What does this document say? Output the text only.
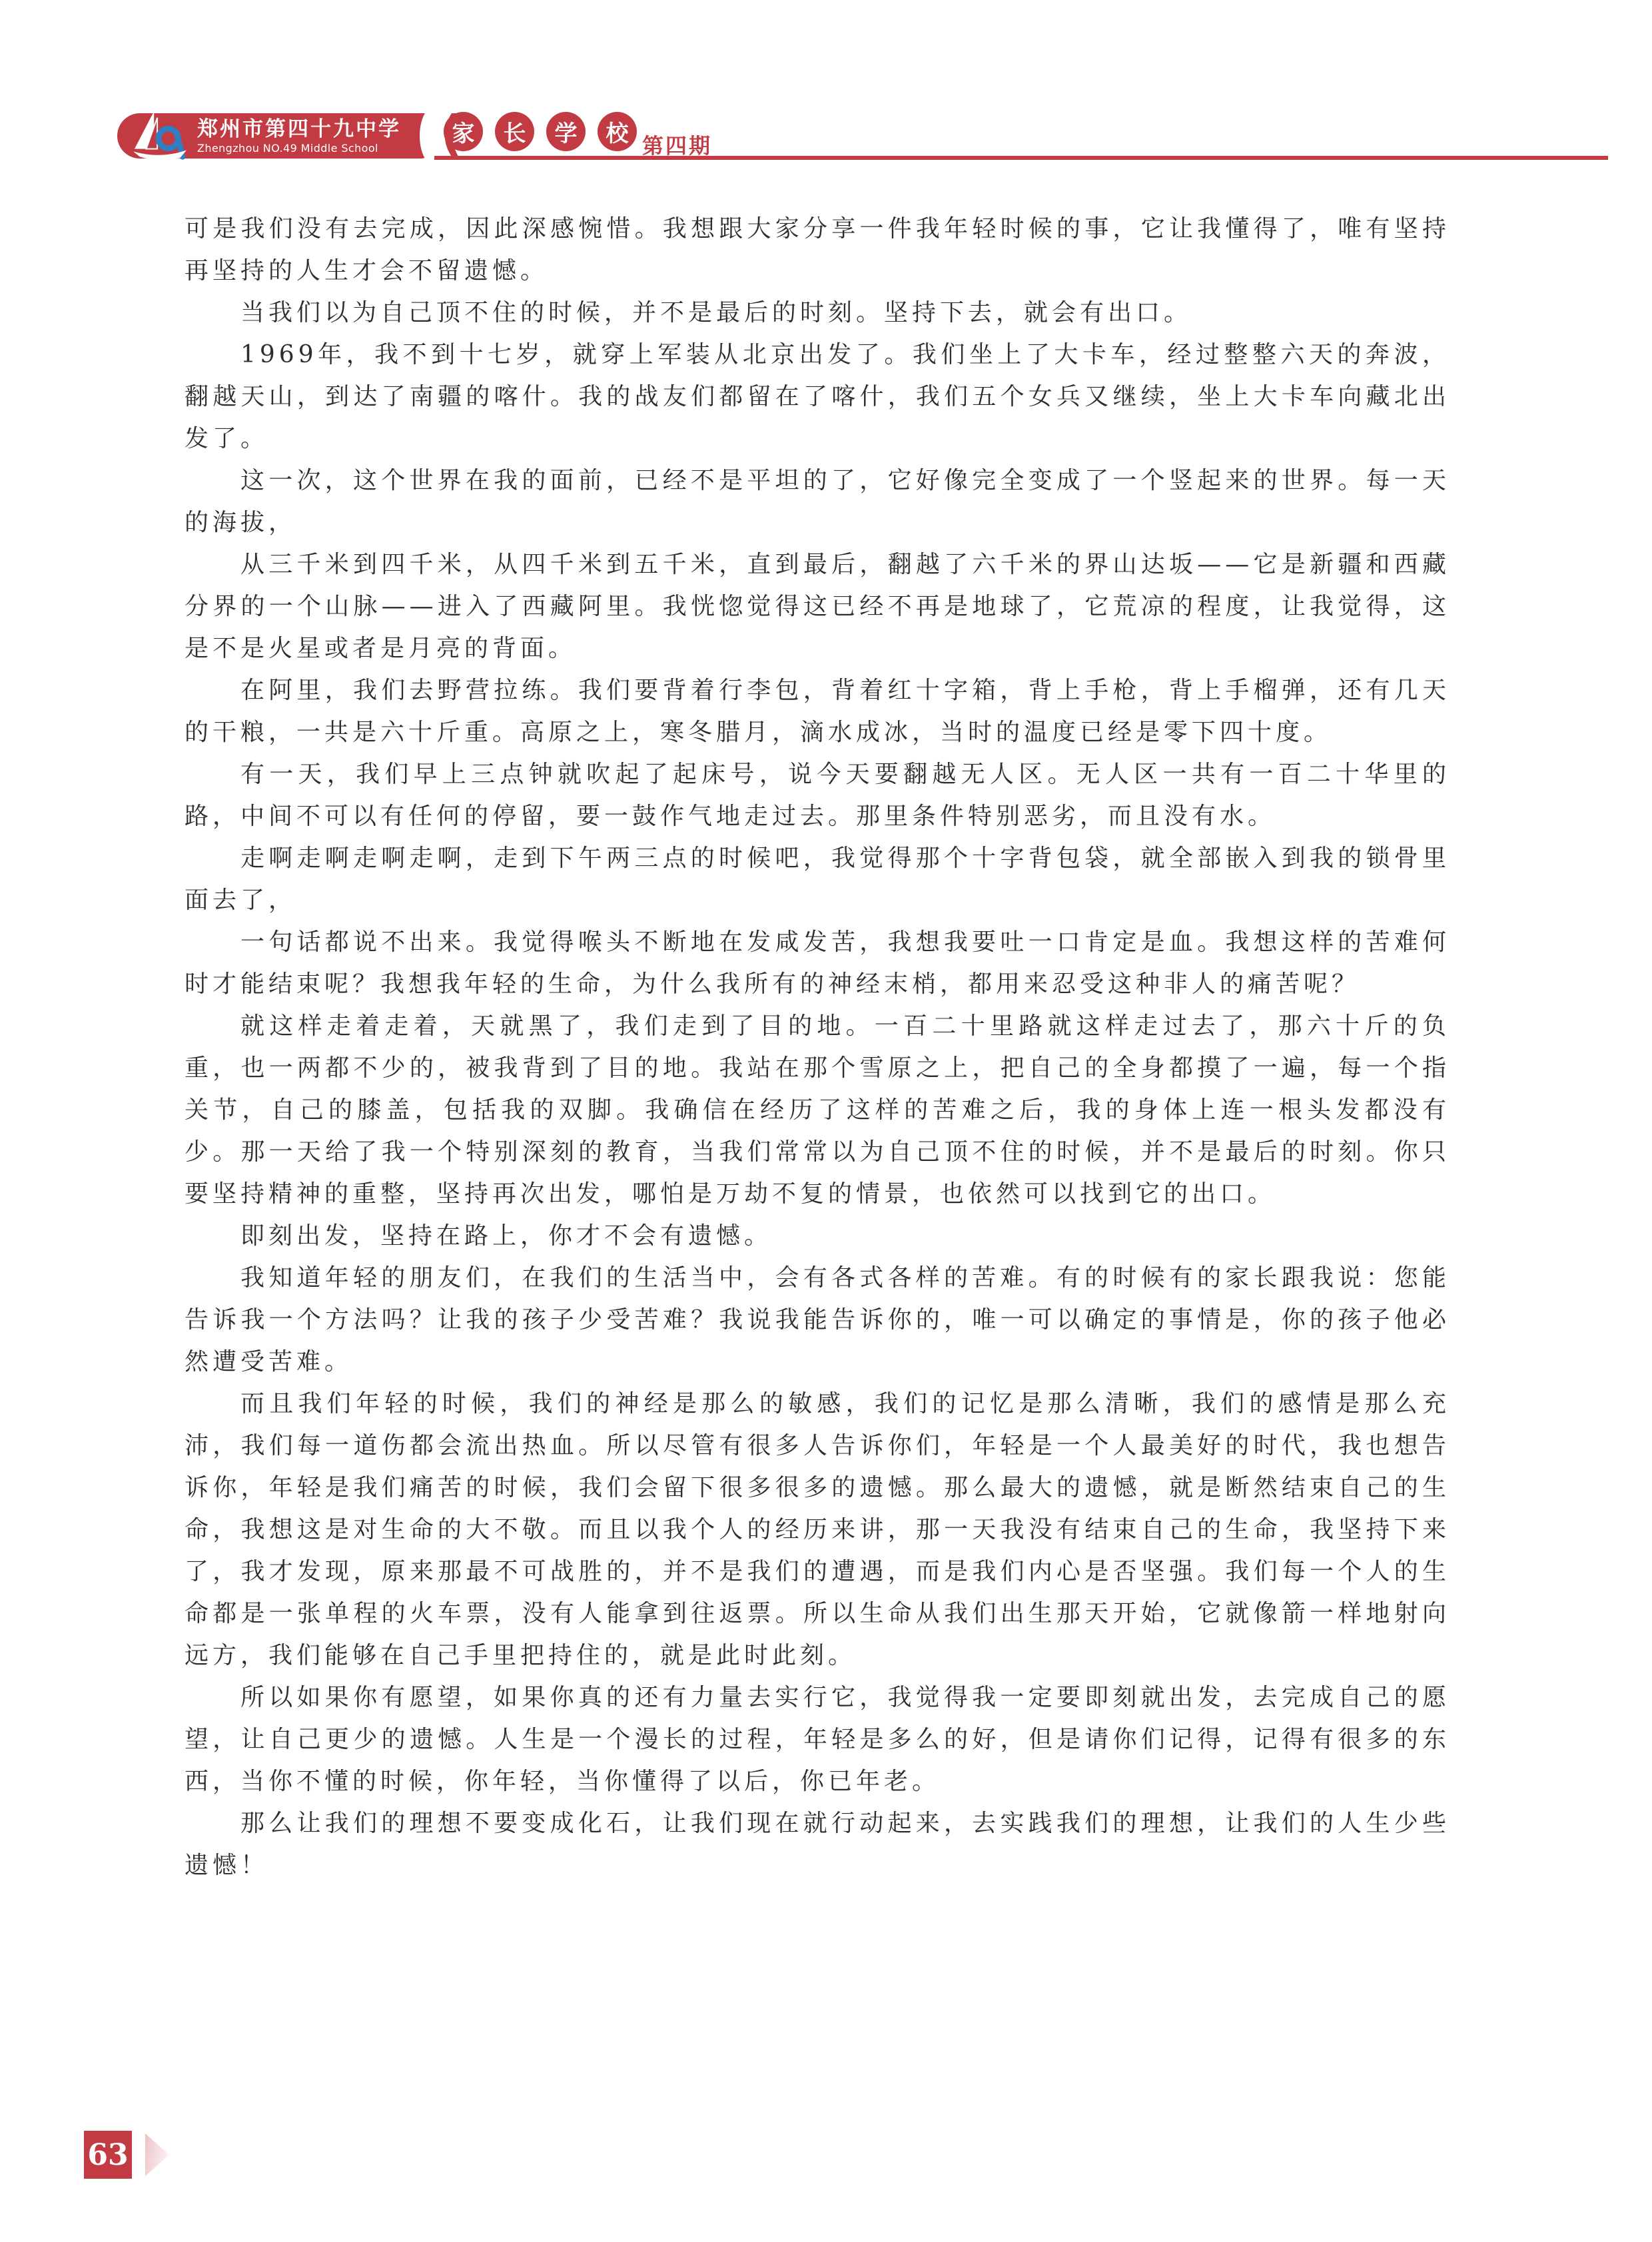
郑州市第四十九中学
Zhengzhou NO.49 Middle School
家	长	学	校 第四期

可是我们没有去完成，因此深感惋惜。我想跟大家分享一件我年轻时候的事，它让我懂得了，唯有坚持再坚持的人生才会不留遗憾。

当我们以为自己顶不住的时候，并不是最后的时刻。坚持下去，就会有出口。

1969年，我不到十七岁，就穿上军装从北京出发了。我们坐上了大卡车，经过整整六天的奔波，翻越天山，到达了南疆的喀什。我的战友们都留在了喀什，我们五个女兵又继续，坐上大卡车向藏北出发了。

这一次，这个世界在我的面前，已经不是平坦的了，它好像完全变成了一个竖起来的世界。每一天的海拔，

从三千米到四千米，从四千米到五千米，直到最后，翻越了六千米的界山达坂——它是新疆和西藏分界的一个山脉——进入了西藏阿里。我恍惚觉得这已经不再是地球了，它荒凉的程度，让我觉得，这是不是火星或者是月亮的背面。

在阿里，我们去野营拉练。我们要背着行李包，背着红十字箱，背上手枪，背上手榴弹，还有几天的干粮，一共是六十斤重。高原之上，寒冬腊月，滴水成冰，当时的温度已经是零下四十度。

有一天，我们早上三点钟就吹起了起床号，说今天要翻越无人区。无人区一共有一百二十华里的路，中间不可以有任何的停留，要一鼓作气地走过去。那里条件特别恶劣，而且没有水。

走啊走啊走啊走啊，走到下午两三点的时候吧，我觉得那个十字背包袋，就全部嵌入到我的锁骨里面去了，

一句话都说不出来。我觉得喉头不断地在发咸发苦，我想我要吐一口肯定是血。我想这样的苦难何时才能结束呢？我想我年轻的生命，为什么我所有的神经末梢，都用来忍受这种非人的痛苦呢？

就这样走着走着，天就黑了，我们走到了目的地。一百二十里路就这样走过去了，那六十斤的负重，也一两都不少的，被我背到了目的地。我站在那个雪原之上，把自己的全身都摸了一遍，每一个指关节，自己的膝盖，包括我的双脚。我确信在经历了这样的苦难之后，我的身体上连一根头发都没有少。那一天给了我一个特别深刻的教育，当我们常常以为自己顶不住的时候，并不是最后的时刻。你只要坚持精神的重整，坚持再次出发，哪怕是万劫不复的情景，也依然可以找到它的出口。

即刻出发，坚持在路上，你才不会有遗憾。

我知道年轻的朋友们，在我们的生活当中，会有各式各样的苦难。有的时候有的家长跟我说：您能告诉我一个方法吗？让我的孩子少受苦难？我说我能告诉你的，唯一可以确定的事情是，你的孩子他必然遭受苦难。

而且我们年轻的时候，我们的神经是那么的敏感，我们的记忆是那么清晰，我们的感情是那么充沛，我们每一道伤都会流出热血。所以尽管有很多人告诉你们，年轻是一个人最美好的时代，我也想告诉你，年轻是我们痛苦的时候，我们会留下很多很多的遗憾。那么最大的遗憾，就是断然结束自己的生命，我想这是对生命的大不敬。而且以我个人的经历来讲，那一天我没有结束自己的生命，我坚持下来了，我才发现，原来那最不可战胜的，并不是我们的遭遇，而是我们内心是否坚强。我们每一个人的生命都是一张单程的火车票，没有人能拿到往返票。所以生命从我们出生那天开始，它就像箭一样地射向远方，我们能够在自己手里把持住的，就是此时此刻。

所以如果你有愿望，如果你真的还有力量去实行它，我觉得我一定要即刻就出发，去完成自己的愿望，让自己更少的遗憾。人生是一个漫长的过程，年轻是多么的好，但是请你们记得，记得有很多的东西，当你不懂的时候，你年轻，当你懂得了以后，你已年老。

那么让我们的理想不要变成化石，让我们现在就行动起来，去实践我们的理想，让我们的人生少些遗憾！

63
